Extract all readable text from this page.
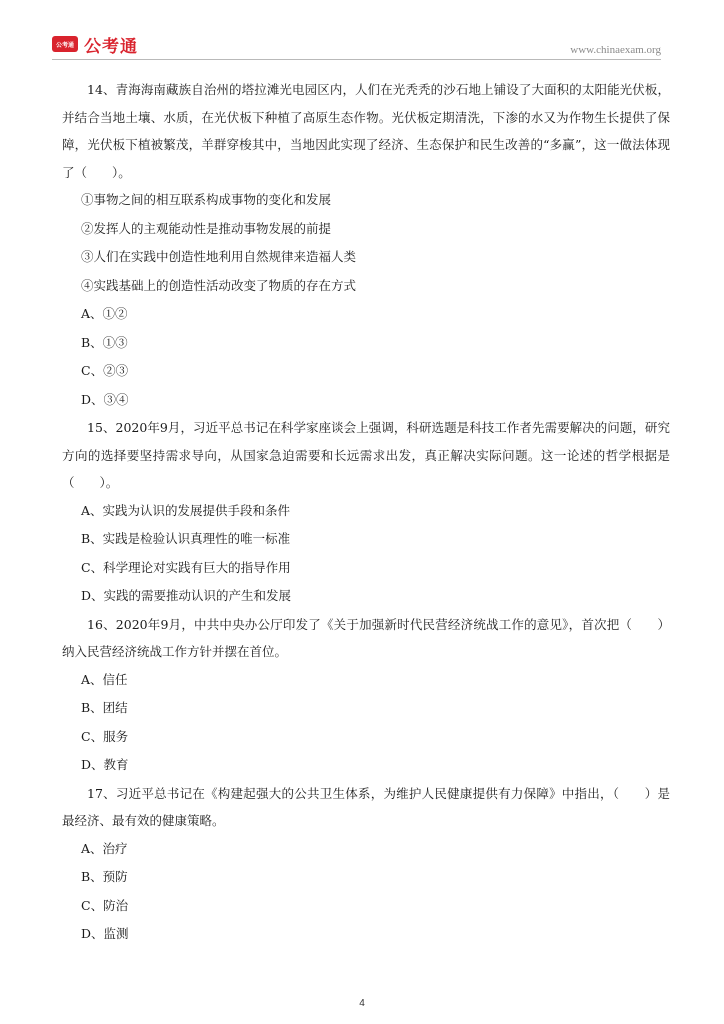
公考通 公考通	www.chinaexam.org

14、青海海南藏族自治州的塔拉滩光电园区内，人们在光秃秃的沙石地上铺设了大面积的太阳能光伏板，并结合当地土壤、水质，在光伏板下种植了高原生态作物。光伏板定期清洗，下渗的水又为作物生长提供了保障，光伏板下植被繁茂，羊群穿梭其中，当地因此实现了经济、生态保护和民生改善的“多赢”，这一做法体现了（　　）。

①事物之间的相互联系构成事物的变化和发展

②发挥人的主观能动性是推动事物发展的前提

③人们在实践中创造性地利用自然规律来造福人类

④实践基础上的创造性活动改变了物质的存在方式

A、①②

B、①③

C、②③

D、③④

15、2020年9月，习近平总书记在科学家座谈会上强调，科研选题是科技工作者先需要解决的问题，研究方向的选择要坚持需求导向，从国家急迫需要和长远需求出发，真正解决实际问题。这一论述的哲学根据是（　　）。

A、实践为认识的发展提供手段和条件

B、实践是检验认识真理性的唯一标准

C、科学理论对实践有巨大的指导作用

D、实践的需要推动认识的产生和发展

16、2020年9月，中共中央办公厅印发了《关于加强新时代民营经济统战工作的意见》，首次把（　　）纳入民营经济统战工作方针并摆在首位。

A、信任

B、团结

C、服务

D、教育

17、习近平总书记在《构建起强大的公共卫生体系，为维护人民健康提供有力保障》中指出，（　　）是最经济、最有效的健康策略。

A、治疗

B、预防

C、防治

D、监测

4
